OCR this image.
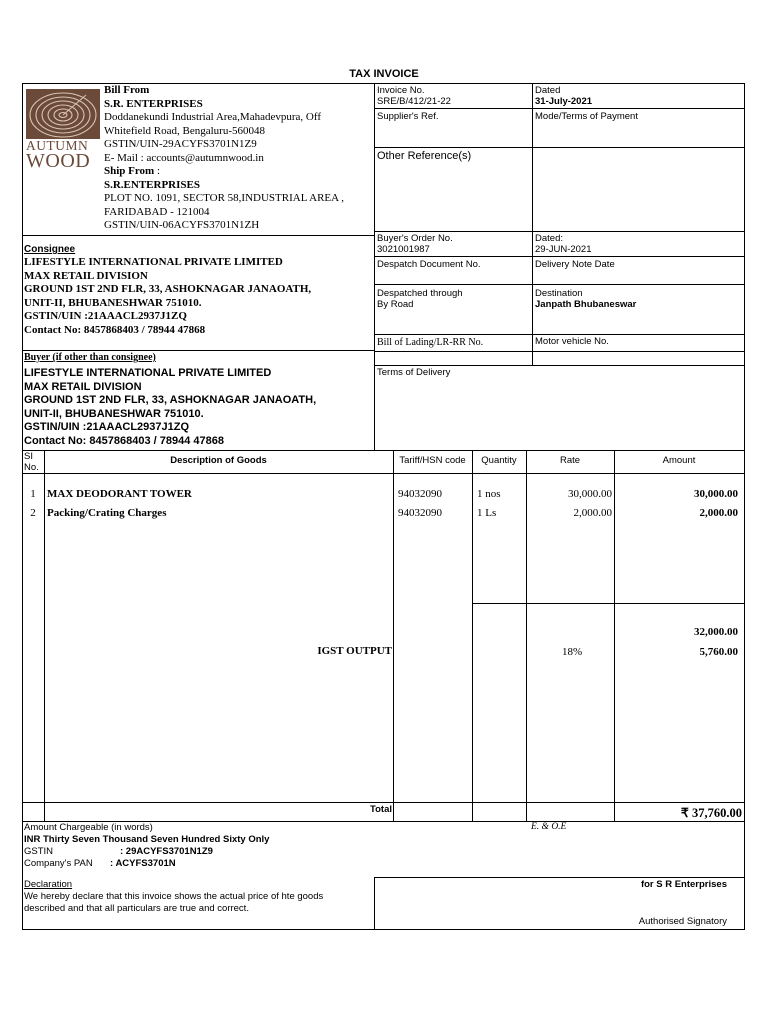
TAX INVOICE
AUTUMN
WOOD
Bill From
S.R. ENTERPRISES
Doddanekundi Industrial Area,Mahadevpura, Off
Whitefield Road, Bengaluru-560048
GSTIN/UIN-29ACYFS3701N1Z9
E- Mail : accounts@autumnwood.in
Ship From :
S.R.ENTERPRISES
PLOT NO. 1091, SECTOR 58,INDUSTRIAL AREA ,
FARIDABAD - 121004
GSTIN/UIN-06ACYFS3701N1ZH
Consignee
LIFESTYLE INTERNATIONAL PRIVATE LIMITED
MAX RETAIL DIVISION
GROUND 1ST 2ND FLR, 33, ASHOKNAGAR JANAOATH,
UNIT-II, BHUBANESHWAR 751010.
GSTIN/UIN :21AAACL2937J1ZQ
Contact No: 8457868403 / 78944 47868
Buyer (if other than consignee)
LIFESTYLE INTERNATIONAL PRIVATE LIMITED
MAX RETAIL DIVISION
GROUND 1ST 2ND FLR, 33, ASHOKNAGAR JANAOATH,
UNIT-II, BHUBANESHWAR 751010.
GSTIN/UIN :21AAACL2937J1ZQ
Contact No: 8457868403 / 78944 47868
Invoice No.
SRE/B/412/21-22
Dated
31-July-2021
Supplier's Ref.	Mode/Terms of Payment
Other Reference(s)
Buyer's Order No.
3021001987
Dated:
29-JUN-2021
Despatch Document No.	Delivery Note Date
Despatched through
By Road
Destination
Janpath Bhubaneswar
Bill of Lading/LR-RR No.	Motor vehicle No.
Terms of Delivery
SI
No.
Description of Goods	Tariff/HSN code	Quantity	Rate	Amount
1	MAX DEODORANT TOWER	94032090	1 nos	30,000.00	30,000.00
2	Packing/Crating Charges	94032090	1 Ls	2,000.00	2,000.00
32,000.00
IGST OUTPUT	18%	5,760.00
Total	₹ 37,760.00
Amount Chargeable (in words)	E. & O.E
INR Thirty Seven Thousand Seven Hundred Sixty Only
GSTIN	: 29ACYFS3701N1Z9
Company's PAN : ACYFS3701N
Declaration
We hereby declare that this invoice shows the actual price of hte goods
described and that all particulars are true and correct.
for S R Enterprises
Authorised Signatory
